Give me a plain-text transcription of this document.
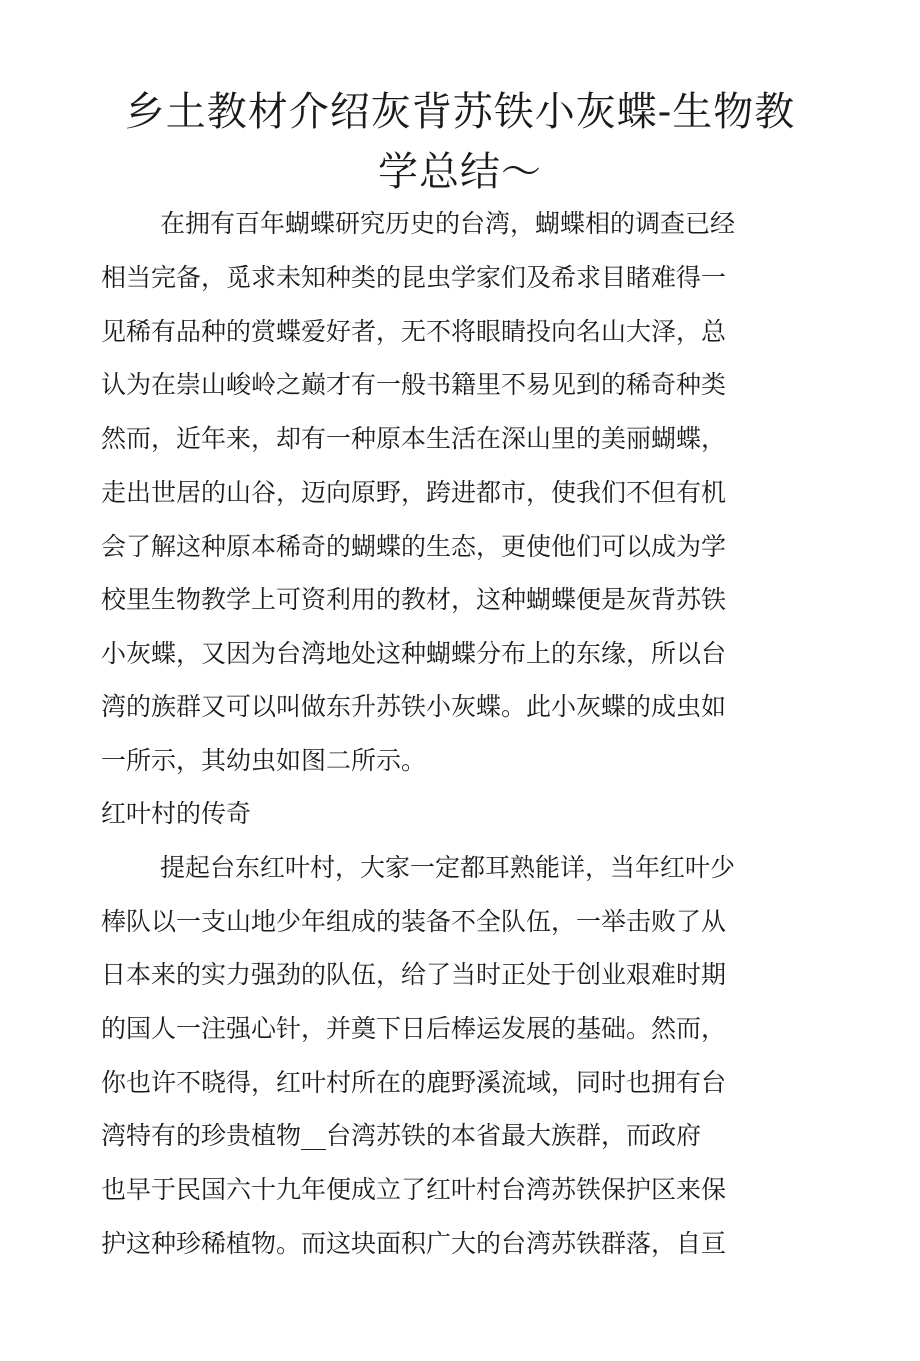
乡土教材介绍灰背苏铁小灰蝶-生物教
学总结～

在拥有百年蝴蝶研究历史的台湾，蝴蝶相的调查已经

相当完备，觅求未知种类的昆虫学家们及希求目睹难得一

见稀有品种的赏蝶爱好者，无不将眼睛投向名山大泽，总

认为在崇山峻岭之巅才有一般书籍里不易见到的稀奇种类

然而，近年来，却有一种原本生活在深山里的美丽蝴蝶，

走出世居的山谷，迈向原野，跨进都市，使我们不但有机

会了解这种原本稀奇的蝴蝶的生态，更使他们可以成为学

校里生物教学上可资利用的教材，这种蝴蝶便是灰背苏铁

小灰蝶，又因为台湾地处这种蝴蝶分布上的东缘，所以台

湾的族群又可以叫做东升苏铁小灰蝶。此小灰蝶的成虫如

一所示，其幼虫如图二所示。

红叶村的传奇

提起台东红叶村，大家一定都耳熟能详，当年红叶少

棒队以一支山地少年组成的装备不全队伍，一举击败了从

日本来的实力强劲的队伍，给了当时正处于创业艰难时期

的国人一注强心针，并奠下日后棒运发展的基础。然而，

你也许不晓得，红叶村所在的鹿野溪流域，同时也拥有台

湾特有的珍贵植物__台湾苏铁的本省最大族群，而政府

也早于民国六十九年便成立了红叶村台湾苏铁保护区来保

护这种珍稀植物。而这块面积广大的台湾苏铁群落，自亘
